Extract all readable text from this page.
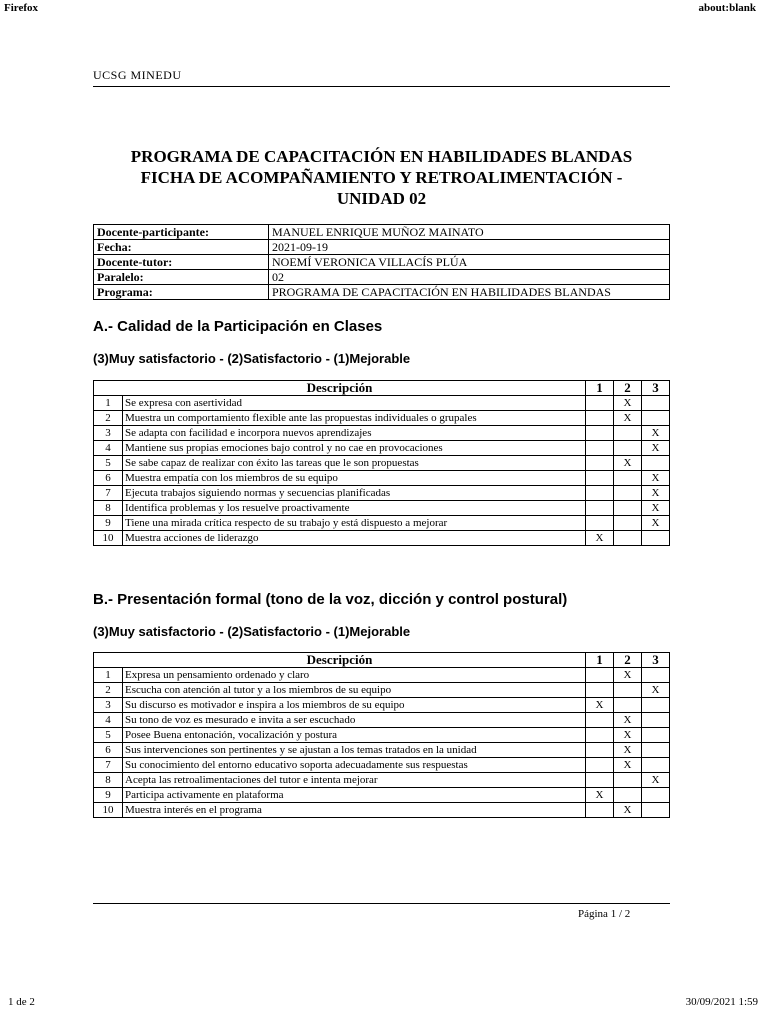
Firefox	about:blank
UCSG MINEDU
PROGRAMA DE CAPACITACIÓN EN HABILIDADES BLANDAS
FICHA DE ACOMPAÑAMIENTO Y RETROALIMENTACIÓN -
UNIDAD 02
Docente-participante:	MANUEL ENRIQUE MUÑOZ MAINATO
Fecha:	2021-09-19
Docente-tutor:	NOEMÍ VERONICA VILLACÍS PLÚA
Paralelo:	02
Programa:	PROGRAMA DE CAPACITACIÓN EN HABILIDADES BLANDAS
A.- Calidad de la Participación en Clases
(3)Muy satisfactorio - (2)Satisfactorio - (1)Mejorable
Descripción		1	2	3
1	Se expresa con asertividad		X	
2	Muestra un comportamiento flexible ante las propuestas individuales o grupales		X	
3	Se adapta con facilidad e incorpora nuevos aprendizajes			X
4	Mantiene sus propias emociones bajo control y no cae en provocaciones			X
5	Se sabe capaz de realizar con éxito las tareas que le son propuestas		X	
6	Muestra empatía con los miembros de su equipo			X
7	Ejecuta trabajos siguiendo normas y secuencias planificadas			X
8	Identifica problemas y los resuelve proactivamente			X
9	Tiene una mirada crítica respecto de su trabajo y está dispuesto a mejorar			X
10	Muestra acciones de liderazgo	X		
B.- Presentación formal (tono de la voz, dicción y control postural)
(3)Muy satisfactorio - (2)Satisfactorio - (1)Mejorable
Descripción		1	2	3
1	Expresa un pensamiento ordenado y claro		X	
2	Escucha con atención al tutor y a los miembros de su equipo			X
3	Su discurso es motivador e inspira a los miembros de su equipo	X		
4	Su tono de voz es mesurado e invita a ser escuchado		X	
5	Posee Buena entonación, vocalización y postura		X	
6	Sus intervenciones son pertinentes y se ajustan a los temas tratados en la unidad		X	
7	Su conocimiento del entorno educativo soporta adecuadamente sus respuestas		X	
8	Acepta las retroalimentaciones del tutor e intenta mejorar			X
9	Participa activamente en plataforma	X		
10	Muestra interés en el programa		X	
Página 1 / 2
1 de 2	30/09/2021 1:59
